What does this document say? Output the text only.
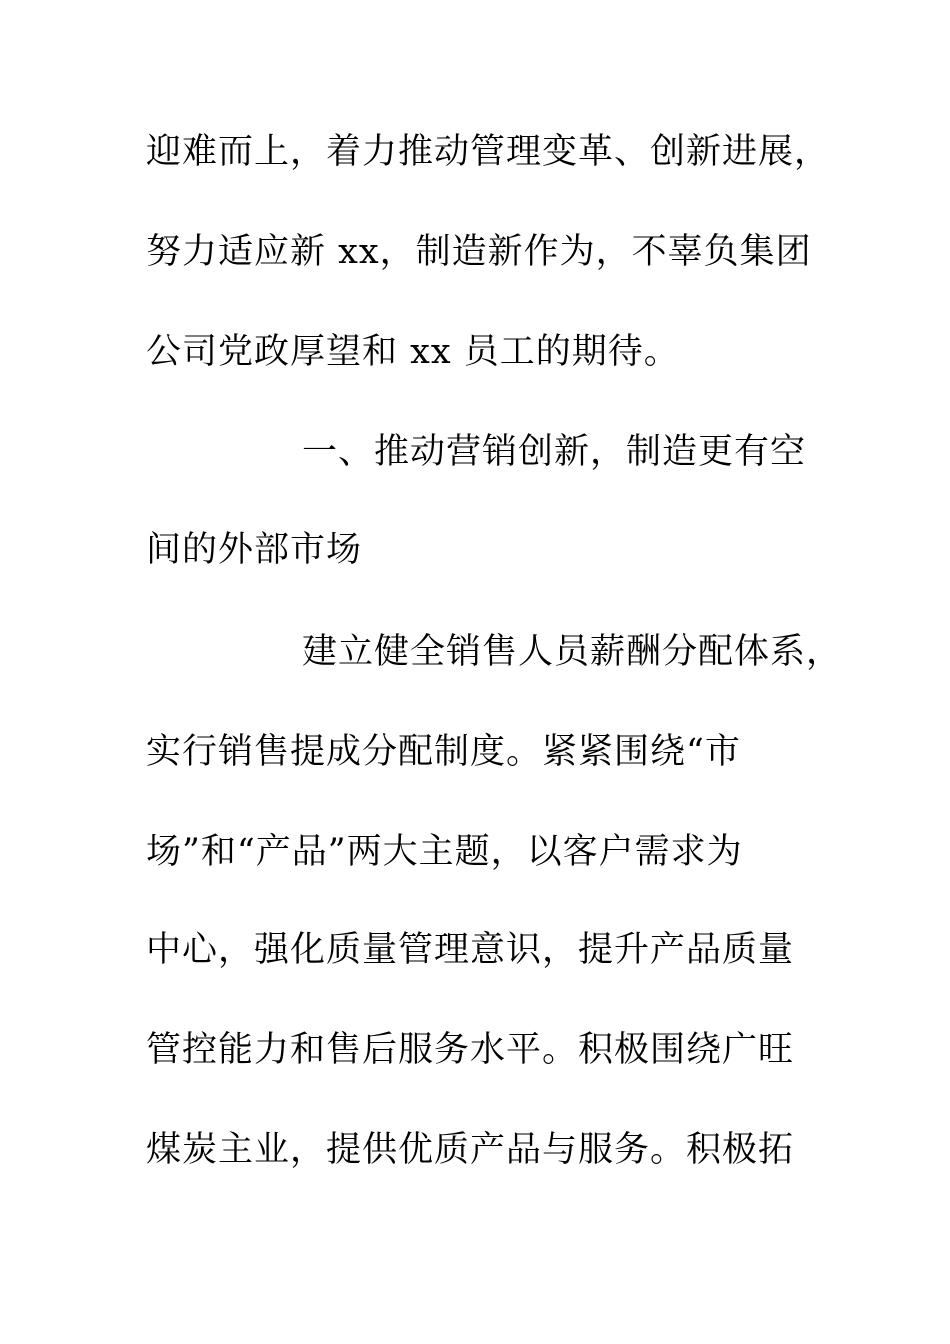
迎难而上，着力推动管理变革、创新进展，
努力适应新 xx，制造新作为，不辜负集团
公司党政厚望和 xx 员工的期待。
一、推动营销创新，制造更有空
间的外部市场
建立健全销售人员薪酬分配体系，
实行销售提成分配制度。紧紧围绕“市
场”和“产品”两大主题，以客户需求为
中心，强化质量管理意识，提升产品质量
管控能力和售后服务水平。积极围绕广旺
煤炭主业，提供优质产品与服务。积极拓
